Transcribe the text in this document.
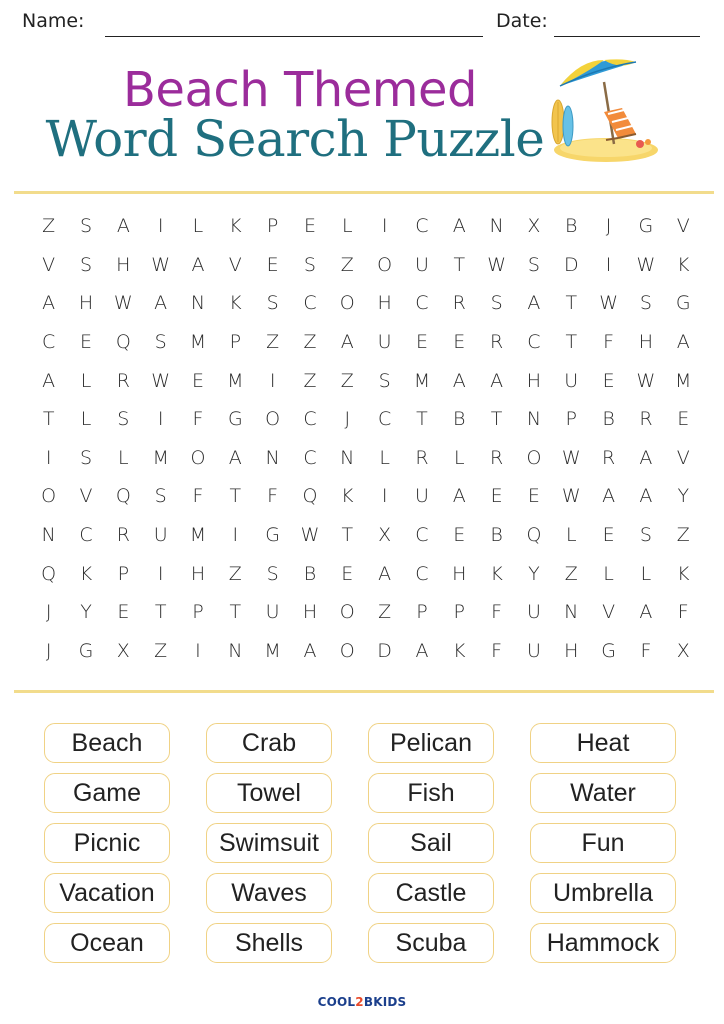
Name:	Date:
Beach Themed
Word Search Puzzle
Z	S	A	I	L	K	P	E	L	I	C	A	N	X	B	J	G	V
V	S	H	W	A	V	E	S	Z	O	U	T	W	S	D	I	W	K
A	H	W	A	N	K	S	C	O	H	C	R	S	A	T	W	S	G
C	E	Q	S	M	P	Z	Z	A	U	E	E	R	C	T	F	H	A
A	L	R	W	E	M	I	Z	Z	S	M	A	A	H	U	E	W	M
T	L	S	I	F	G	O	C	J	C	T	B	T	N	P	B	R	E
I	S	L	M	O	A	N	C	N	L	R	L	R	O	W	R	A	V
O	V	Q	S	F	T	F	Q	K	I	U	A	E	E	W	A	A	Y
N	C	R	U	M	I	G	W	T	X	C	E	B	Q	L	E	S	Z
Q	K	P	I	H	Z	S	B	E	A	C	H	K	Y	Z	L	L	K
J	Y	E	T	P	T	U	H	O	Z	P	P	F	U	N	V	A	F
J	G	X	Z	I	N	M	A	O	D	A	K	F	U	H	G	F	X
Beach	Crab	Pelican	Heat
Game	Towel	Fish	Water
Picnic	Swimsuit	Sail	Fun
Vacation	Waves	Castle	Umbrella
Ocean	Shells	Scuba	Hammock
COOL2BKIDS
